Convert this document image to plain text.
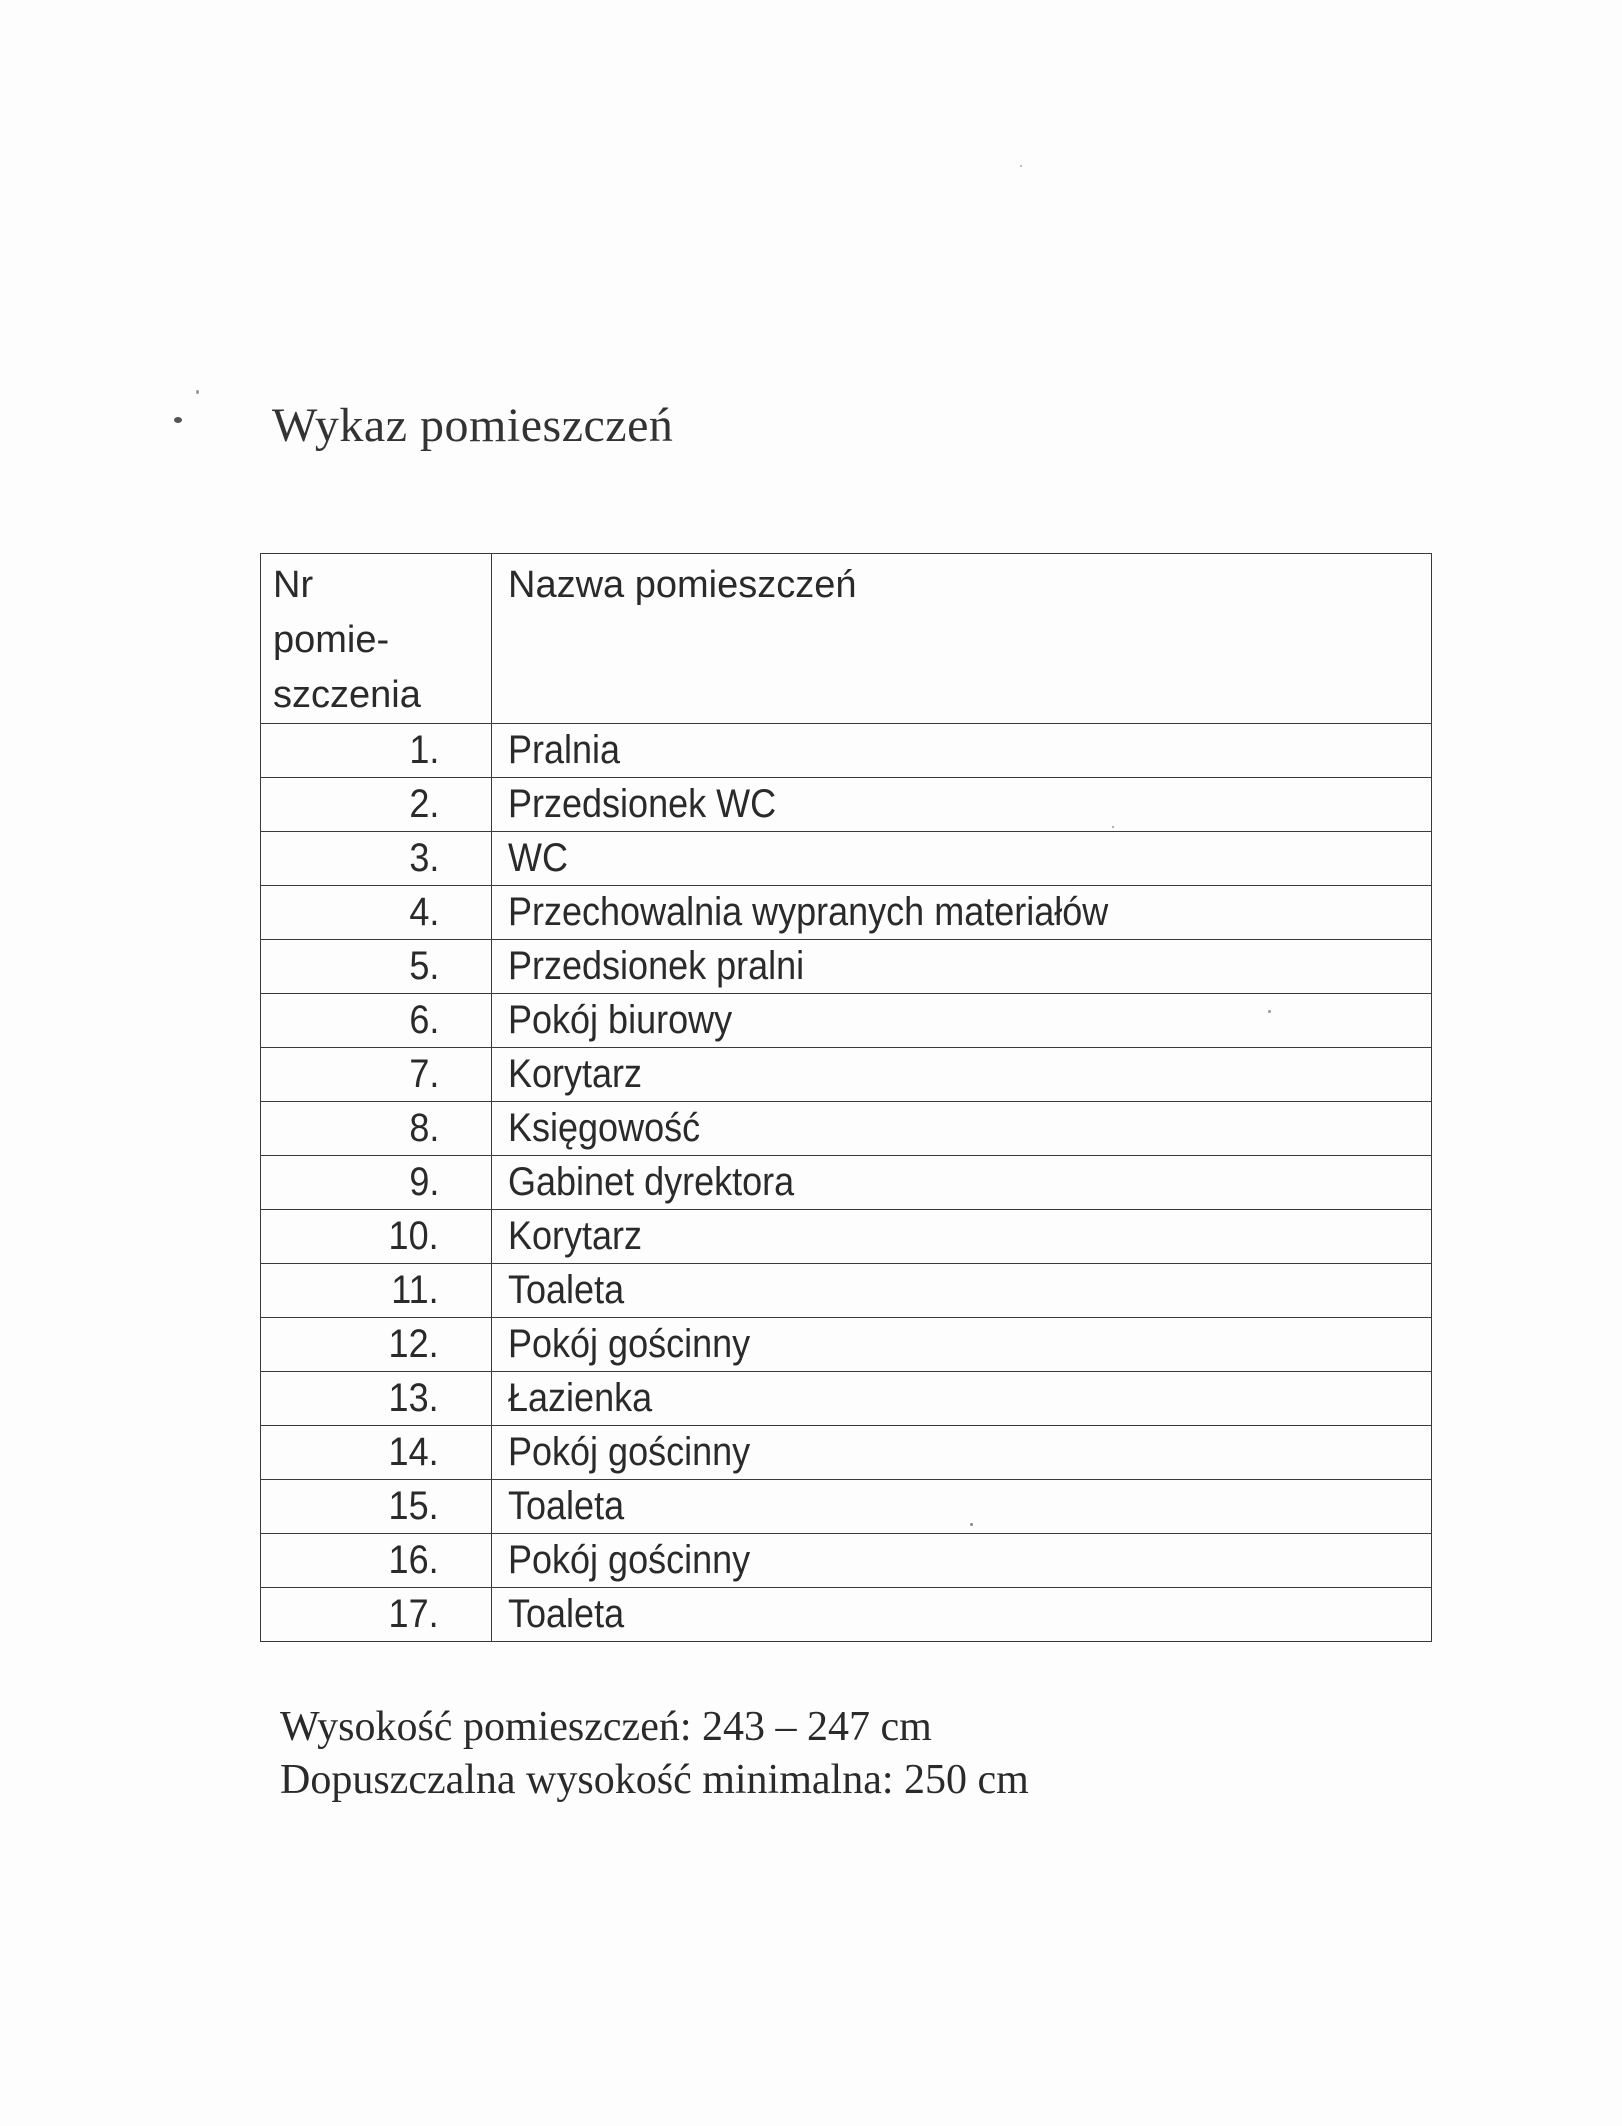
Wykaz pomieszczeń
Nr
pomie-
szczenia	Nazwa pomieszczeń
1.	Pralnia
2.	Przedsionek WC
3.	WC
4.	Przechowalnia wypranych materiałów
5.	Przedsionek pralni
6.	Pokój biurowy
7.	Korytarz
8.	Księgowość
9.	Gabinet dyrektora
10.	Korytarz
11.	Toaleta
12.	Pokój gościnny
13.	Łazienka
14.	Pokój gościnny
15.	Toaleta
16.	Pokój gościnny
17.	Toaleta
Wysokość pomieszczeń: 243 – 247 cm
Dopuszczalna wysokość minimalna: 250 cm
